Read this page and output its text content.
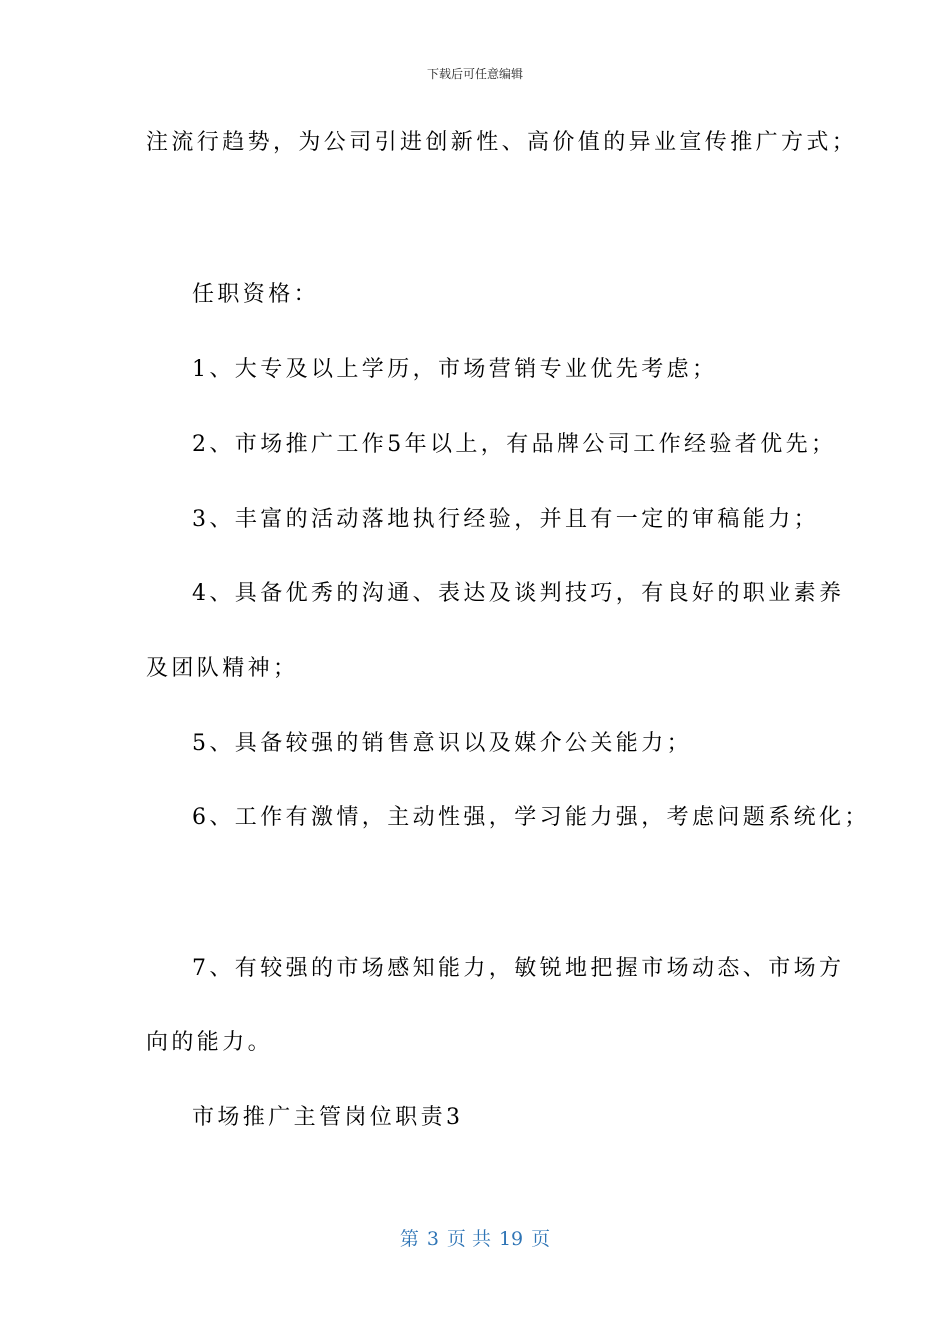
下载后可任意编辑
注流行趋势，为公司引进创新性、高价值的异业宣传推广方式；
任职资格：
1、大专及以上学历，市场营销专业优先考虑；
2、市场推广工作5年以上，有品牌公司工作经验者优先；
3、丰富的活动落地执行经验，并且有一定的审稿能力；
4、具备优秀的沟通、表达及谈判技巧，有良好的职业素养
及团队精神；
5、具备较强的销售意识以及媒介公关能力；
6、工作有激情，主动性强，学习能力强，考虑问题系统化；
7、有较强的市场感知能力，敏锐地把握市场动态、市场方
向的能力。
市场推广主管岗位职责3
第 3 页 共 19 页
